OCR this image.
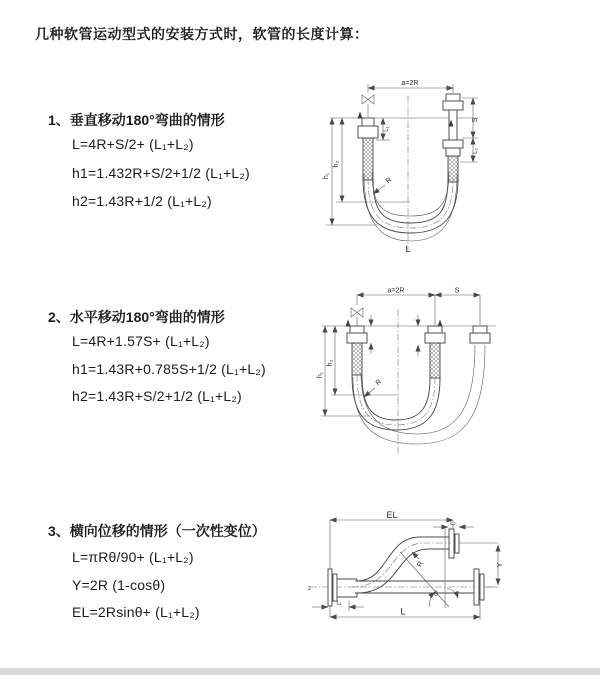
几种软管运动型式的安装方式时，软管的长度计算：
1、垂直移动180°弯曲的情形
L=4R+S/2+ (L₁+L₂)
h1=1.432R+S/2+1/2 (L₁+L₂)
h2=1.43R+1/2 (L₁+L₂)
2、水平移动180°弯曲的情形
L=4R+1.57S+ (L₁+L₂)
h1=1.43R+0.785S+1/2 (L₁+L₂)
h2=1.43R+S/2+1/2 (L₁+L₂)
3、横向位移的情形（一次性变位）
L=πRθ/90+ (L₁+L₂)
Y=2R (1-cosθ)
EL=2Rsinθ+ (L₁+L₂)
a=2R
L₁
S
L₂
h₁
h₂
R
L
a=2R	S
h₁
h₂
R
z
EL
L₂
θ
R	Y
L₁
L
